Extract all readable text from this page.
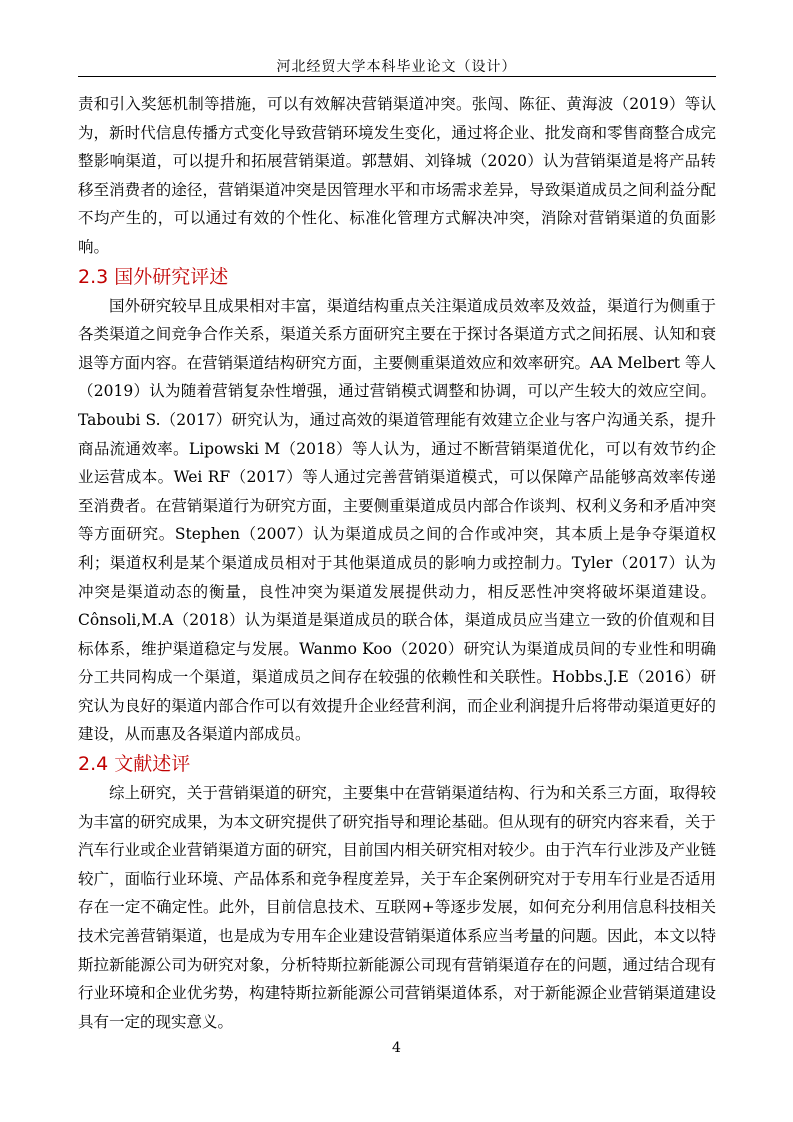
河北经贸大学本科毕业论文（设计）

责和引入奖惩机制等措施，可以有效解决营销渠道冲突。张闯、陈征、黄海波（2019）等认为，新时代信息传播方式变化导致营销环境发生变化，通过将企业、批发商和零售商整合成完整影响渠道，可以提升和拓展营销渠道。郭慧娟、刘锋城（2020）认为营销渠道是将产品转移至消费者的途径，营销渠道冲突是因管理水平和市场需求差异，导致渠道成员之间利益分配不均产生的，可以通过有效的个性化、标准化管理方式解决冲突，消除对营销渠道的负面影响。

2.3 国外研究评述

国外研究较早且成果相对丰富，渠道结构重点关注渠道成员效率及效益，渠道行为侧重于各类渠道之间竞争合作关系，渠道关系方面研究主要在于探讨各渠道方式之间拓展、认知和衰退等方面内容。在营销渠道结构研究方面，主要侧重渠道效应和效率研究。AA Melbert 等人（2019）认为随着营销复杂性增强，通过营销模式调整和协调，可以产生较大的效应空间。Taboubi S.（2017）研究认为，通过高效的渠道管理能有效建立企业与客户沟通关系，提升商品流通效率。Lipowski M（2018）等人认为，通过不断营销渠道优化，可以有效节约企业运营成本。Wei RF（2017）等人通过完善营销渠道模式，可以保障产品能够高效率传递至消费者。在营销渠道行为研究方面，主要侧重渠道成员内部合作谈判、权利义务和矛盾冲突等方面研究。Stephen（2007）认为渠道成员之间的合作或冲突，其本质上是争夺渠道权利；渠道权利是某个渠道成员相对于其他渠道成员的影响力或控制力。Tyler（2017）认为冲突是渠道动态的衡量，良性冲突为渠道发展提供动力，相反恶性冲突将破坏渠道建设。Cônsoli,M.A（2018）认为渠道是渠道成员的联合体，渠道成员应当建立一致的价值观和目标体系，维护渠道稳定与发展。Wanmo Koo（2020）研究认为渠道成员间的专业性和明确分工共同构成一个渠道，渠道成员之间存在较强的依赖性和关联性。Hobbs.J.E（2016）研究认为良好的渠道内部合作可以有效提升企业经营利润，而企业利润提升后将带动渠道更好的建设，从而惠及各渠道内部成员。

2.4 文献述评

综上研究，关于营销渠道的研究，主要集中在营销渠道结构、行为和关系三方面，取得较为丰富的研究成果，为本文研究提供了研究指导和理论基础。但从现有的研究内容来看，关于汽车行业或企业营销渠道方面的研究，目前国内相关研究相对较少。由于汽车行业涉及产业链较广，面临行业环境、产品体系和竞争程度差异，关于车企案例研究对于专用车行业是否适用存在一定不确定性。此外，目前信息技术、互联网+等逐步发展，如何充分利用信息科技相关技术完善营销渠道，也是成为专用车企业建设营销渠道体系应当考量的问题。因此，本文以特斯拉新能源公司为研究对象，分析特斯拉新能源公司现有营销渠道存在的问题，通过结合现有行业环境和企业优劣势，构建特斯拉新能源公司营销渠道体系，对于新能源企业营销渠道建设具有一定的现实意义。

4
